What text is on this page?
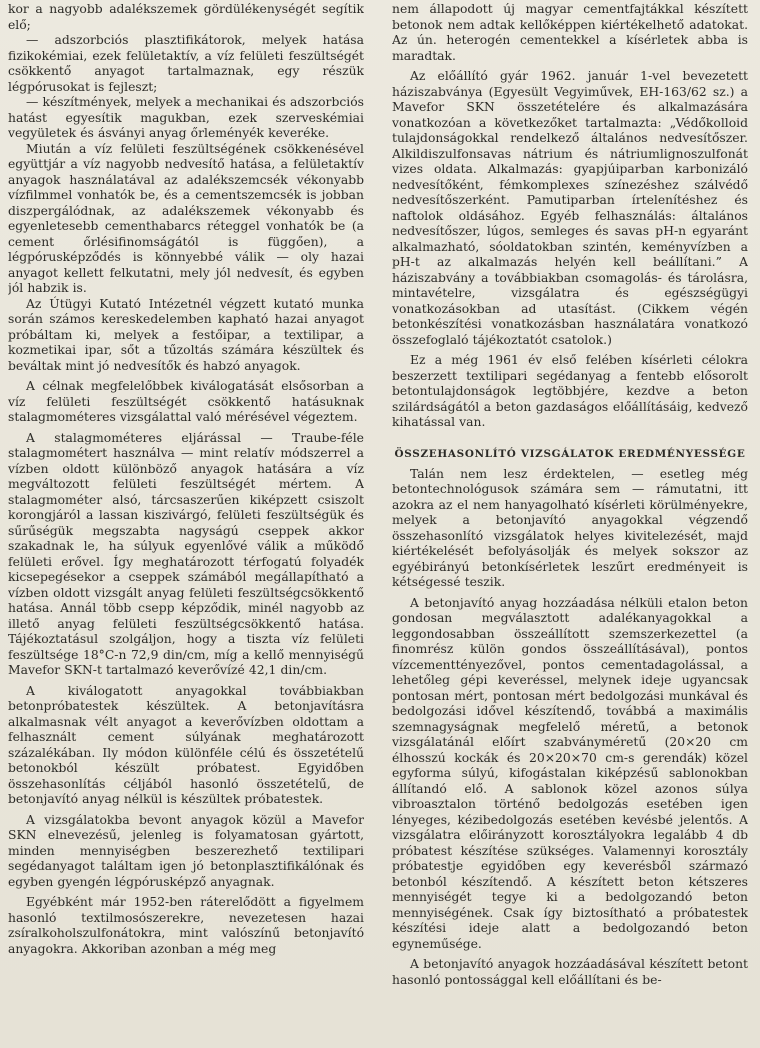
kor a nagyobb adalékszemek gördülékenységét segítik elő;

— adszorbciós plasztifikátorok, melyek hatása fizikokémiai, ezek felületaktív, a víz felületi feszültségét csökkentő anyagot tartalmaznak, egy részük légpórusokat is fejleszt;

— készítmények, melyek a mechanikai és adszorbciós hatást egyesítik magukban, ezek szerveskémiai vegyületek és ásványi anyag őrleményék keveréke.

Miután a víz felületi feszültségének csökkenésével együttjár a víz nagyobb nedvesítő hatása, a felületaktív anyagok használatával az adalékszemcsék vékonyabb vízfilmmel vonhatók be, és a cementszemcsék is jobban diszpergálódnak, az adalékszemek vékonyabb és egyenletesebb cementhabarcs réteggel vonhatók be (a cement őrlésifinomságától is függően), a légpórusképződés is könnyebbé válik — oly hazai anyagot kellett felkutatni, mely jól nedvesít, és egyben jól habzik is.

Az Útügyi Kutató Intézetnél végzett kutató munka során számos kereskedelemben kapható hazai anyagot próbáltam ki, melyek a festőipar, a textilipar, a kozmetikai ipar, sőt a tűzoltás számára készültek és beváltak mint jó nedvesítők és habzó anyagok.

A célnak megfelelőbbek kiválogatását elsősorban a víz felületi feszültségét csökkentő hatásuknak stalagmométeres vizsgálattal való mérésével végeztem.

A stalagmométeres eljárással — Traube-féle stalagmométert használva — mint relatív módszerrel a vízben oldott különböző anyagok hatására a víz megváltozott felületi feszültségét mértem. A stalagmométer alsó, tárcsaszerűen kiképzett csiszolt korongjáról a lassan kiszivárgó, felületi feszültségük és sűrűségük megszabta nagyságú cseppek akkor szakadnak le, ha súlyuk egyenlővé válik a működő felületi erővel. Így meghatározott térfogatú folyadék kicsepegésekor a cseppek számából megállapítható a vízben oldott vizsgált anyag felületi feszültségcsökkentő hatása. Annál több csepp képződik, minél nagyobb az illető anyag felületi feszültségcsökkentő hatása. Tájékoztatásul szolgáljon, hogy a tiszta víz felületi feszültsége 18°C-n 72,9 din/cm, míg a kellő mennyiségű Mavefor SKN-t tartalmazó keverővízé 42,1 din/cm.

A kiválogatott anyagokkal továbbiakban betonpróbatestek készültek. A betonjavításra alkalmasnak vélt anyagot a keverővízben oldottam a felhasznált cement súlyának meghatározott százalékában. Ily módon különféle célú és összetételű betonokból készült próbatest. Egyidőben összehasonlítás céljából hasonló összetételű, de betonjavító anyag nélkül is készültek próbatestek.

A vizsgálatokba bevont anyagok közül a Mavefor SKN elnevezésű, jelenleg is folyamatosan gyártott, minden mennyiségben beszerezhető textilipari segédanyagot találtam igen jó betonplasztifikálónak és egyben gyengén légpórusképző anyagnak.

Egyébként már 1952-ben ráterelődött a figyelmem hasonló textilmosószerekre, nevezetesen hazai zsíralkoholszulfonátokra, mint valószínű betonjavító anyagokra. Akkoriban azonban a még meg

nem állapodott új magyar cementfajtákkal készített betonok nem adtak kellőképpen kiértékelhető adatokat. Az ún. heterogén cementekkel a kísérletek abba is maradtak.

Az előállító gyár 1962. január 1-vel bevezetett háziszabványa (Egyesült Vegyiművek, EH-163/62 sz.) a Mavefor SKN összetételére és alkalmazására vonatkozóan a következőket tartalmazta: „Védőkolloid tulajdonságokkal rendelkező általános nedvesítőszer. Alkildiszulfonsavas nátrium és nátriumlignoszulfonát vizes oldata. Alkalmazás: gyapjúiparban karbonizáló nedvesítőként, fémkomplexes színezéshez szálvédő nedvesítőszerként. Pamutiparban írtelenítéshez és naftolok oldásához. Egyéb felhasználás: általános nedvesítőszer, lúgos, semleges és savas pH-n egyaránt alkalmazható, sóoldatokban szintén, keményvízben a pH-t az alkalmazás helyén kell beállítani.” A háziszabvány a továbbiakban csomagolás- és tárolásra, mintavételre, vizsgálatra és egészségügyi vonatkozásokban ad utasítást. (Cikkem végén betonkészítési vonatkozásban használatára vonatkozó összefoglaló tájékoztatót csatolok.)

Ez a még 1961 év első felében kísérleti célokra beszerzett textilipari segédanyag a fentebb elősorolt betontulajdonságok legtöbbjére, kezdve a beton szilárdságától a beton gazdaságos előállításáig, kedvező kihatással van.

ÖSSZEHASONLÍTÓ VIZSGÁLATOK EREDMÉNYESSÉGE

Talán nem lesz érdektelen, — esetleg még betontechnológusok számára sem — rámutatni, itt azokra az el nem hanyagolható kísérleti körülményekre, melyek a betonjavító anyagokkal végzendő összehasonlító vizsgálatok helyes kivitelezését, majd kiértékelését befolyásolják és melyek sokszor az egyébirányú betonkísérletek leszűrt eredményeit is kétségessé teszik.

A betonjavító anyag hozzáadása nélküli etalon beton gondosan megválasztott adalékanyagokkal a leggondosabban összeállított szemszerkezettel (a finomrész külön gondos összeállításával), pontos vízcementtényezővel, pontos cementadagolással, a lehetőleg gépi keveréssel, melynek ideje ugyancsak pontosan mért, pontosan mért bedolgozási munkával és bedolgozási idővel készítendő, továbbá a maximális szemnagyságnak megfelelő méretű, a betonok vizsgálatánál előírt szabványméretű (20×20 cm élhosszú kockák és 20×20×70 cm-s gerendák) közel egyforma súlyú, kifogástalan kiképzésű sablonokban állítandó elő. A sablonok közel azonos súlya vibroasztalon történő bedolgozás esetében igen lényeges, kézibedolgozás esetében kevésbé jelentős. A vizsgálatra előirányzott korosztályokra legalább 4 db próbatest készítése szükséges. Valamennyi korosztály próbatestje egyidőben egy keverésből származó betonból készítendő. A készített beton kétszeres mennyiségét tegye ki a bedolgozandó beton mennyiségének. Csak így biztosítható a próbatestek készítési ideje alatt a bedolgozandó beton egyneműsége.

A betonjavító anyagok hozzáadásával készített betont hasonló pontossággal kell előállítani és be-
